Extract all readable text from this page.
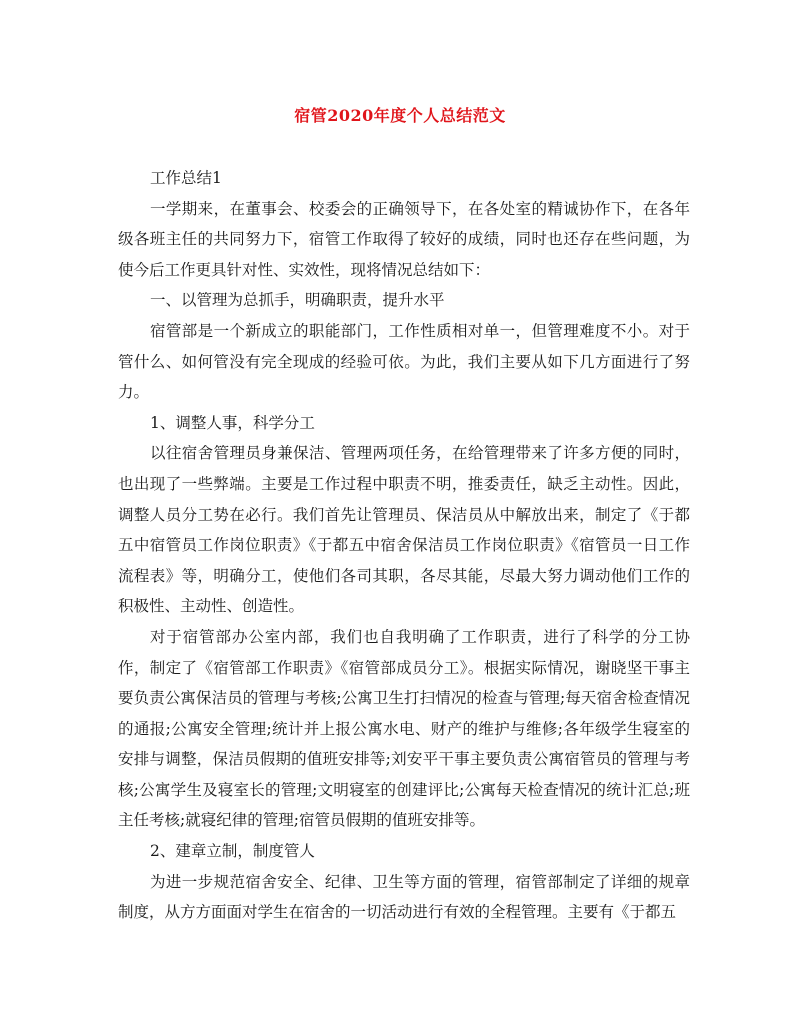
宿管2020年度个人总结范文

工作总结1

一学期来，在董事会、校委会的正确领导下，在各处室的精诚协作下，在各年级各班主任的共同努力下，宿管工作取得了较好的成绩，同时也还存在些问题，为使今后工作更具针对性、实效性，现将情况总结如下：

一、以管理为总抓手，明确职责，提升水平

宿管部是一个新成立的职能部门，工作性质相对单一，但管理难度不小。对于管什么、如何管没有完全现成的经验可依。为此，我们主要从如下几方面进行了努力。

1、调整人事，科学分工

以往宿舍管理员身兼保洁、管理两项任务，在给管理带来了许多方便的同时，也出现了一些弊端。主要是工作过程中职责不明，推委责任，缺乏主动性。因此，调整人员分工势在必行。我们首先让管理员、保洁员从中解放出来，制定了《于都五中宿管员工作岗位职责》《于都五中宿舍保洁员工作岗位职责》《宿管员一日工作流程表》等，明确分工，使他们各司其职，各尽其能，尽最大努力调动他们工作的积极性、主动性、创造性。

对于宿管部办公室内部，我们也自我明确了工作职责，进行了科学的分工协作，制定了《宿管部工作职责》《宿管部成员分工》。根据实际情况，谢晓坚干事主要负责公寓保洁员的管理与考核;公寓卫生打扫情况的检查与管理;每天宿舍检查情况的通报;公寓安全管理;统计并上报公寓水电、财产的维护与维修;各年级学生寝室的安排与调整，保洁员假期的值班安排等;刘安平干事主要负责公寓宿管员的管理与考核;公寓学生及寝室长的管理;文明寝室的创建评比;公寓每天检查情况的统计汇总;班主任考核;就寝纪律的管理;宿管员假期的值班安排等。

2、建章立制，制度管人

为进一步规范宿舍安全、纪律、卫生等方面的管理，宿管部制定了详细的规章制度，从方方面面对学生在宿舍的一切活动进行有效的全程管理。主要有《于都五
